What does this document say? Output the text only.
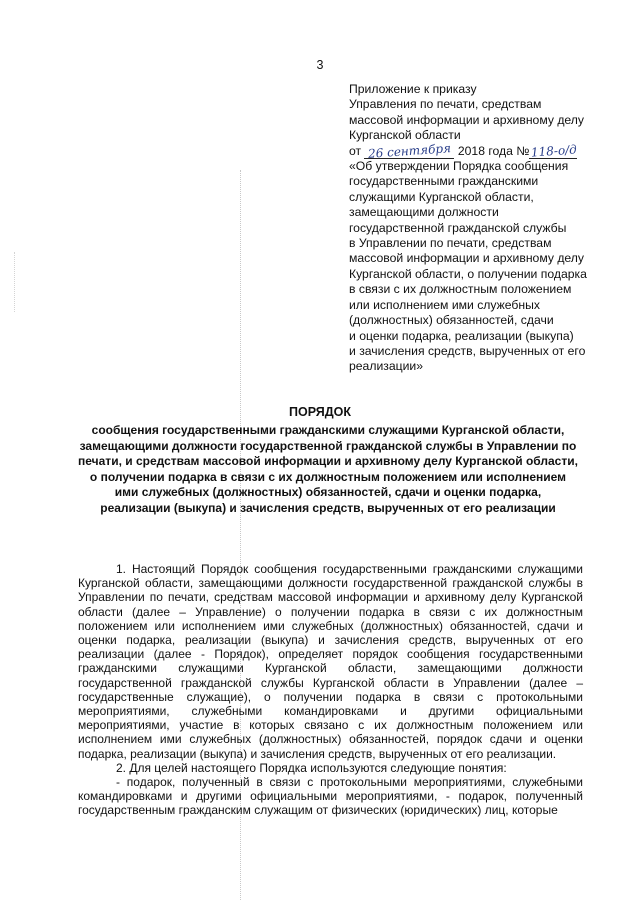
3
Приложение к приказу
Управления по печати, средствам
массовой информации и архивному делу
Курганской области
от 26 сентября 2018 года № 118-о/д
«Об утверждении Порядка сообщения
государственными гражданскими
служащими Курганской области,
замещающими должности
государственной гражданской службы
в Управлении по печати, средствам
массовой информации и архивному делу
Курганской области, о получении подарка
в связи с их должностным положением
или исполнением ими служебных
(должностных) обязанностей, сдачи
и оценки подарка, реализации (выкупа)
и зачисления средств, вырученных от его
реализации»
ПОРЯДОК
сообщения государственными гражданскими служащими Курганской области, замещающими должности государственной гражданской службы в Управлении по печати, и средствам массовой информации и архивному делу Курганской области, о получении подарка в связи с их должностным положением или исполнением ими служебных (должностных) обязанностей, сдачи и оценки подарка, реализации (выкупа) и зачисления средств, вырученных от его реализации

1. Настоящий Порядок сообщения государственными гражданскими служащими Курганской области, замещающими должности государственной гражданской службы в Управлении по печати, средствам массовой информации и архивному делу Курганской области (далее – Управление) о получении подарка в связи с их должностным положением или исполнением ими служебных (должностных) обязанностей, сдачи и оценки подарка, реализации (выкупа) и зачисления средств, вырученных от его реализации (далее - Порядок), определяет порядок сообщения государственными гражданскими служащими Курганской области, замещающими должности государственной гражданской службы Курганской области в Управлении (далее – государственные служащие), о получении подарка в связи с протокольными мероприятиями, служебными командировками и другими официальными мероприятиями, участие в которых связано с их должностным положением или исполнением ими служебных (должностных) обязанностей, порядок сдачи и оценки подарка, реализации (выкупа) и зачисления средств, вырученных от его реализации.

2. Для целей настоящего Порядка используются следующие понятия:

- подарок, полученный в связи с протокольными мероприятиями, служебными командировками и другими официальными мероприятиями, - подарок, полученный государственным гражданским служащим от физических (юридических) лиц, которые
